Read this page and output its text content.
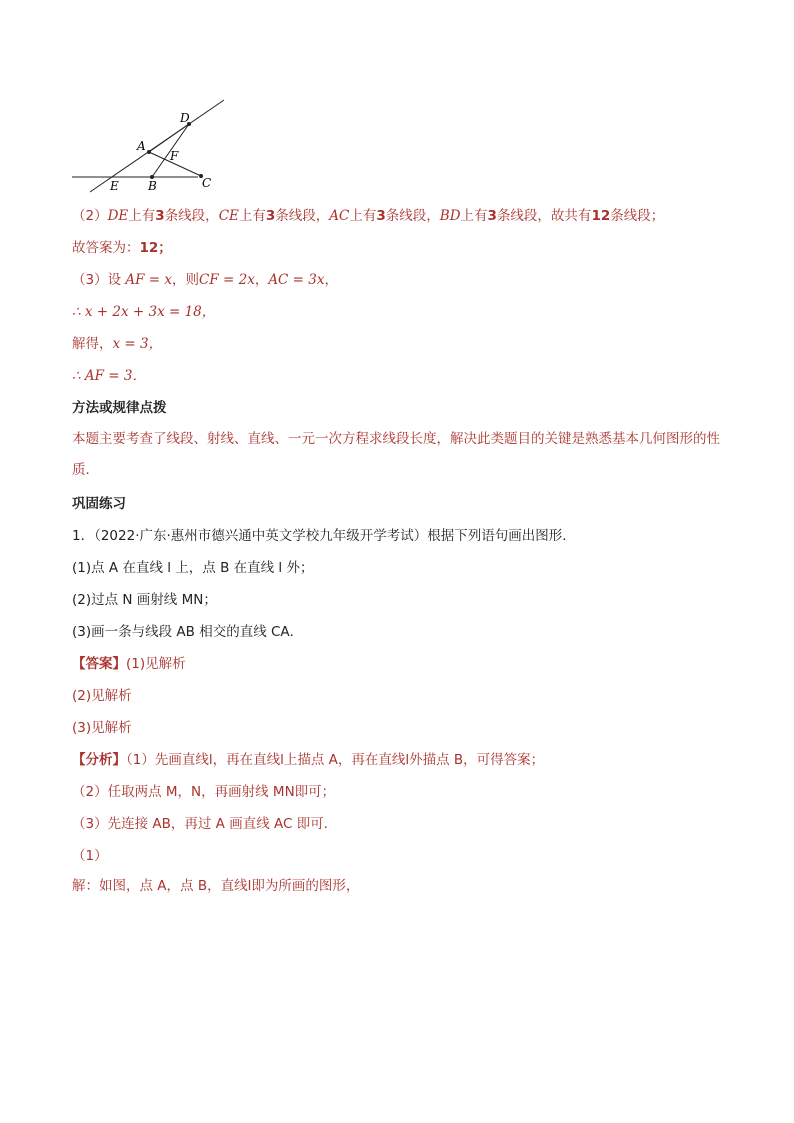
D
A
F
E B	C
（2）DE上有3条线段，CE上有3条线段，AC上有3条线段，BD上有3条线段，故共有12条线段；
故答案为：12；
（3）设 AF = x，则CF = 2x，AC = 3x，
∴ x + 2x + 3x = 18，
解得，x = 3，
∴ AF = 3．
方法或规律点拨
本题主要考查了线段、射线、直线、一元一次方程求线段长度，解决此类题目的关键是熟悉基本几何图形的性质．
巩固练习
1．（2022·广东·惠州市德兴通中英文学校九年级开学考试）根据下列语句画出图形．
(1)点 A 在直线 l 上，点 B 在直线 l 外；
(2)过点 N 画射线 MN；
(3)画一条与线段 AB 相交的直线 CA．
【答案】(1)见解析
(2)见解析
(3)见解析
【分析】（1）先画直线l，再在直线l上描点 A，再在直线l外描点 B，可得答案；
（2）任取两点 M，N，再画射线 MN即可；
（3）先连接 AB，再过 A 画直线 AC 即可．
（1）
解：如图，点 A，点 B，直线l即为所画的图形，
